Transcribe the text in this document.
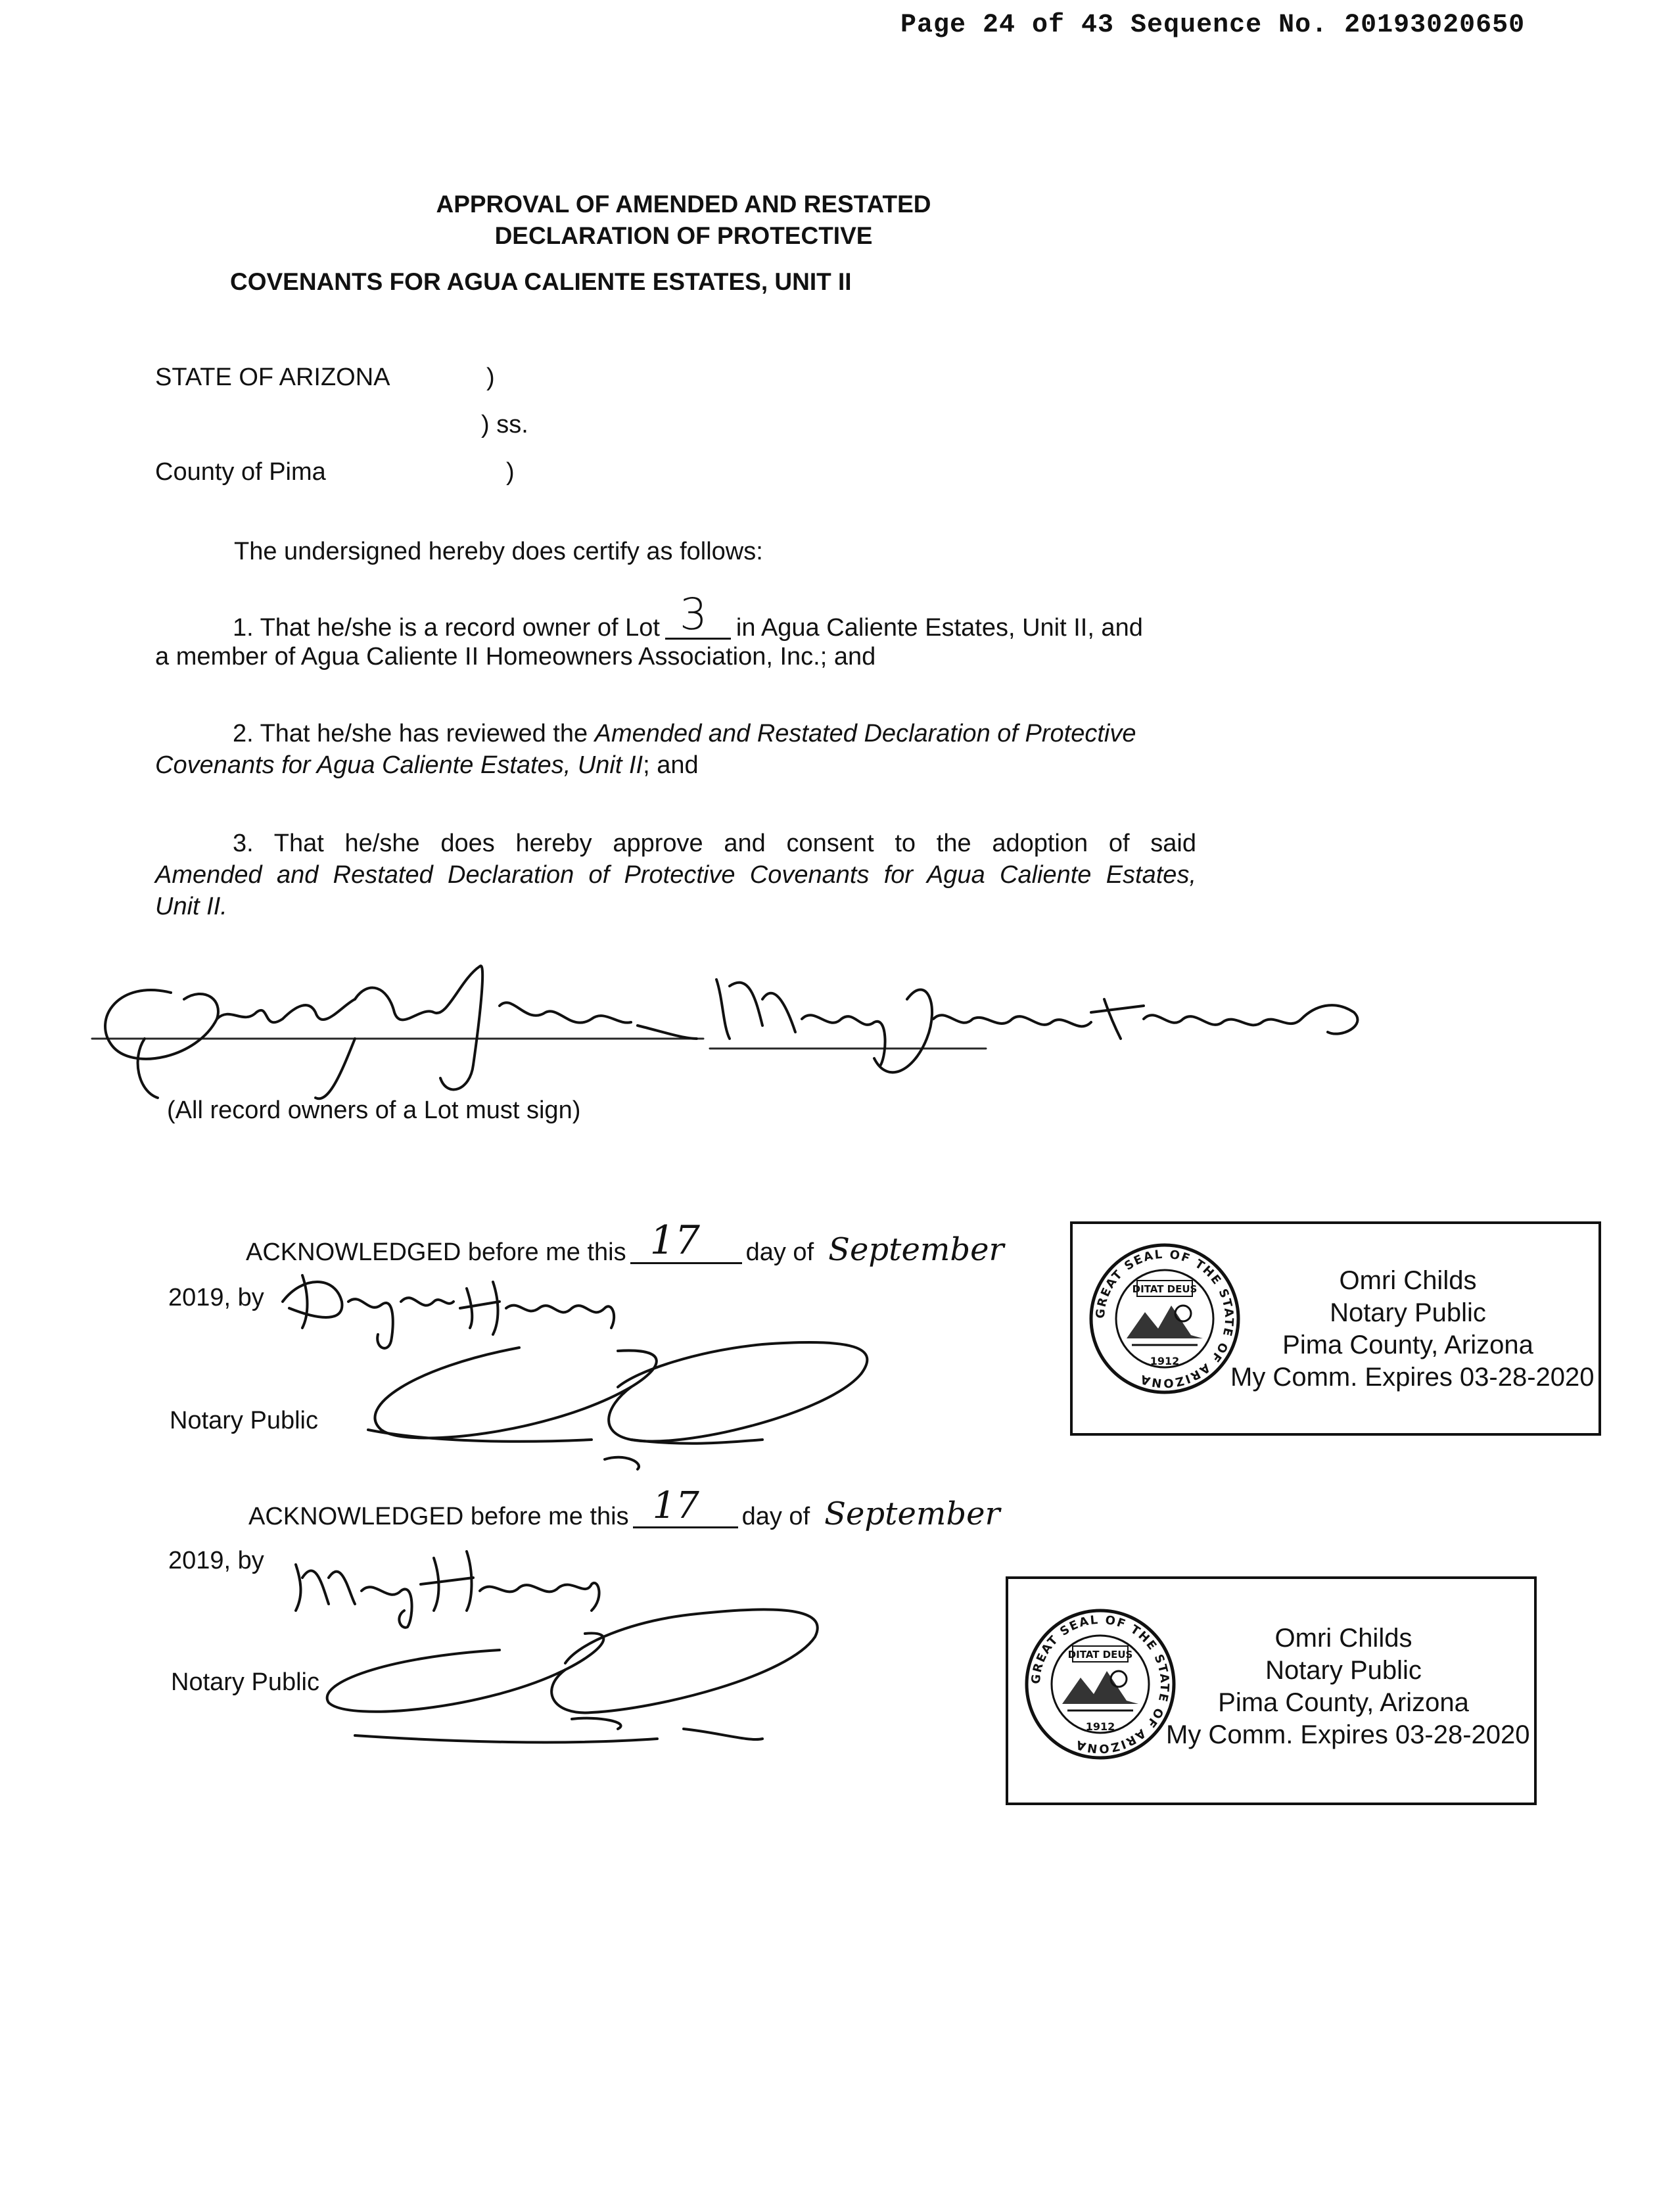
Page 24 of 43 Sequence No. 20193020650
APPROVAL OF AMENDED AND RESTATED
DECLARATION OF PROTECTIVE
COVENANTS FOR AGUA CALIENTE ESTATES, UNIT II
STATE OF ARIZONA	)
) ss.
County of Pima	)
The undersigned hereby does certify as follows:
1. That he/she is a record owner of Lot 3 in Agua Caliente Estates, Unit II, and
a member of Agua Caliente II Homeowners Association, Inc.; and
2. That he/she has reviewed the Amended and Restated Declaration of Protective
Covenants for Agua Caliente Estates, Unit II; and
3. That he/she does hereby approve and consent to the adoption of said
Amended and Restated Declaration of Protective Covenants for Agua Caliente Estates,
Unit II.
(All record owners of a Lot must sign)
ACKNOWLEDGED before me this 17 day of September
2019, by
Notary Public
GREAT SEAL OF THE STATE OF ARIZONA
DITAT DEUS
1912
Omri Childs
Notary Public
Pima County, Arizona
My Comm. Expires 03-28-2020
ACKNOWLEDGED before me this 17 day of September
2019, by
Notary Public	GREAT SEAL OF THE STATE OF ARIZONA
DITAT DEUS
1912
Omri Childs
Notary Public
Pima County, Arizona
My Comm. Expires 03-28-2020
